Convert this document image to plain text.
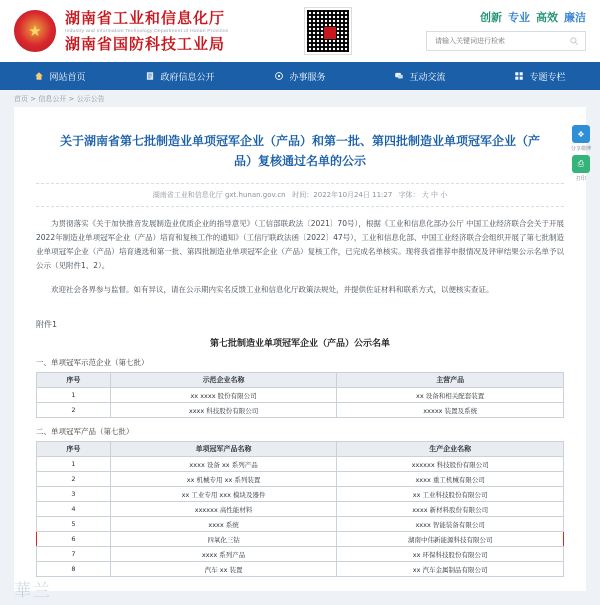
★
湖南省工业和信息化厅
Industry and Information Technology Department of Hunan Province
湖南省国防科技工业局
创新 专业 高效 廉洁
请输入关键词进行检索
网站首页	政府信息公开	办事服务	互动交流	专题专栏
首页 > 信息公开 > 公示公告
关于湖南省第七批制造业单项冠军企业（产品）和第一批、第四批制造业单项冠军企业（产品）复核通过名单的公示
湖南省工业和信息化厅 gxt.hunan.gov.cn 时间：2022年10月24日 11:27 字体： 大 中 小

为贯彻落实《关于加快推音发展制造业优质企业的指导意见》（工信部联政法〔2021〕70号），根据《工业和信息化部办公厅 中国工业经济联合会关于开展2022年制造业单项冠军企业（产品）培育和复核工作的通知》（工信厅联政法函〔2022〕47号），工业和信息化部、中国工业经济联合会组织开展了第七批制造业单项冠军企业（产品）培育遴选和第一批、第四批制造业单项冠军企业（产品）复核工作，已完成名单核实。现将我省推荐申报情况及评审结果公示名单予以公示（见附件1、2）。

欢迎社会各界参与监督。如有异议，请在公示期内实名反馈工业和信息化厅政策法规处，并提供佐证材料和联系方式，以便核实查证。

❖
分享微博
⎙
打印
附件1
第七批制造业单项冠军企业（产品）公示名单
一、单项冠军示范企业（第七批）
序号	示范企业名称	主营产品
1	xx xxxx 股份有限公司	xx 设备和相关配套装置
2	xxxx 科技股份有限公司	xxxxx 装置及系统
二、单项冠军产品（第七批）
序号	单项冠军产品名称	生产企业名称
1	xxxx 设备 xx 系列产品	xxxxxx 科技股份有限公司
2	xx 机械专用 xx 系列装置	xxxx 重工机械有限公司
3	xx 工业专用 xxx 模块及器件	xx 工业科技股份有限公司
4	xxxxxx 高性能材料	xxxx 新材料股份有限公司
5	xxxx 系统	xxxx 智能装备有限公司
6	四氧化三钴	湖南中伟新能源科技有限公司
7	xxxx 系列产品	xx 环保科技股份有限公司
8	汽车 xx 装置	xx 汽车金属制品有限公司
華兰
